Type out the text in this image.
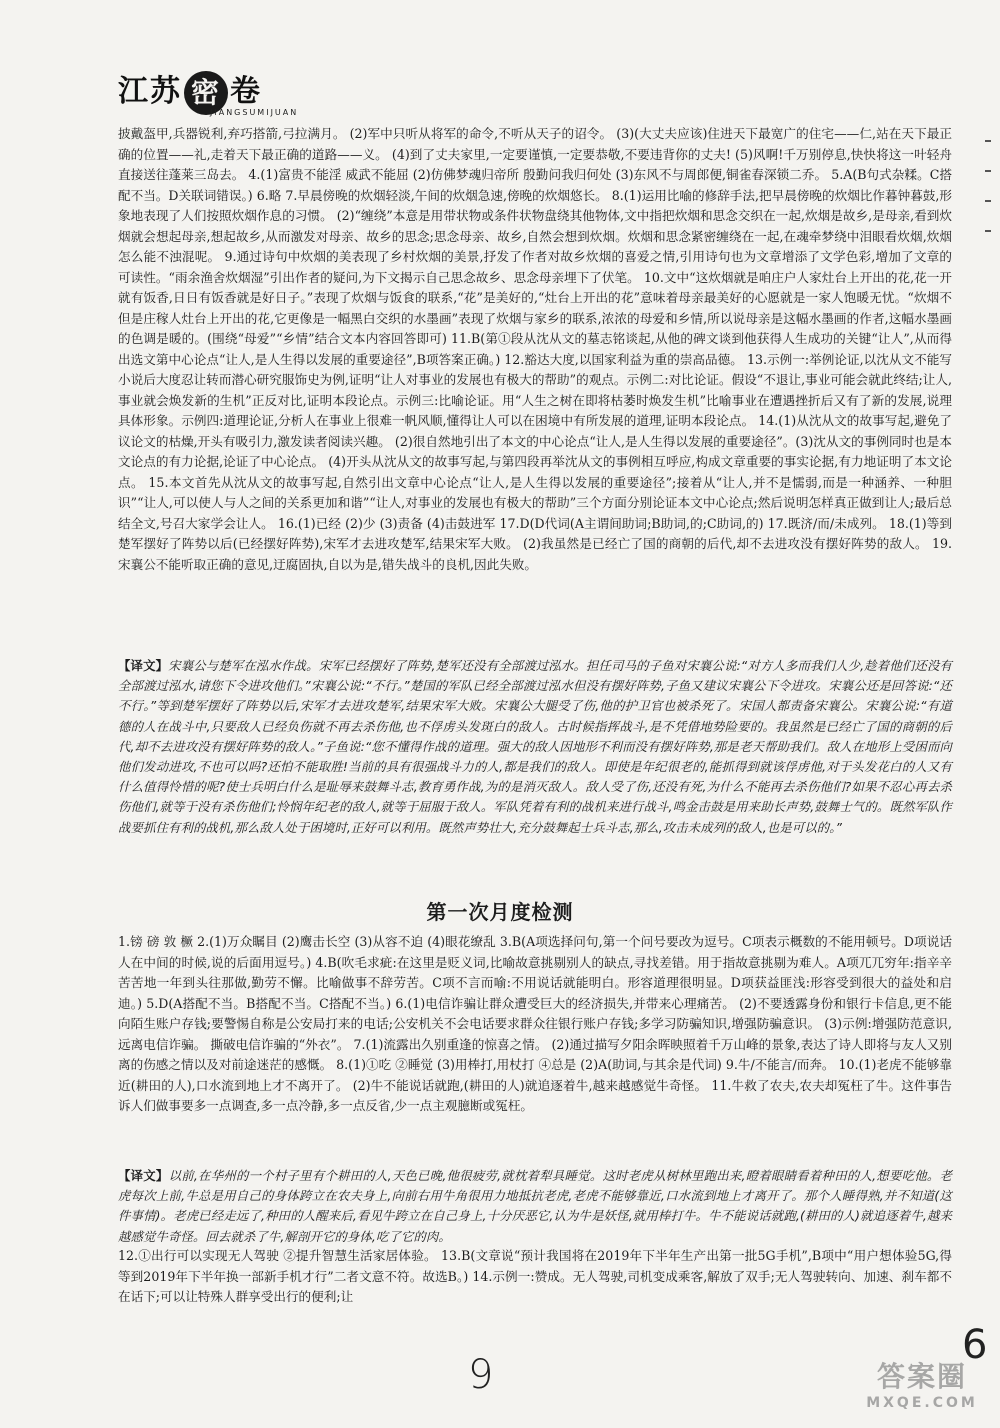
江苏 密 卷
JIANGSUMIJUAN

披戴盔甲,兵器锐利,弃巧搭箭,弓拉满月。 (2)军中只听从将军的命令,不听从天子的诏令。 (3)(大丈夫应该)住进天下最宽广的住宅——仁,站在天下最正确的位置——礼,走着天下最正确的道路——义。 (4)到了丈夫家里,一定要谨慎,一定要恭敬,不要违背你的丈夫! (5)风啊!千万别停息,快快将这一叶轻舟直接送往蓬莱三岛去。 4.(1)富贵不能淫 威武不能屈 (2)仿佛梦魂归帝所 殷勤问我归何处 (3)东风不与周郎便,铜雀春深锁二乔。 5.A(B句式杂糅。C搭配不当。D关联词错误。) 6.略 7.早晨傍晚的炊烟轻淡,午间的炊烟急速,傍晚的炊烟悠长。 8.(1)运用比喻的修辞手法,把早晨傍晚的炊烟比作暮钟暮鼓,形象地表现了人们按照炊烟作息的习惯。 (2)“缠绕”本意是用带状物或条件状物盘绕其他物体,文中指把炊烟和思念交织在一起,炊烟是故乡,是母亲,看到炊烟就会想起母亲,想起故乡,从而激发对母亲、故乡的思念;思念母亲、故乡,自然会想到炊烟。炊烟和思念紧密缠绕在一起,在魂牵梦绕中泪眼看炊烟,炊烟怎么能不浊混呢。 9.通过诗句中炊烟的美表现了乡村炊烟的美景,抒发了作者对故乡炊烟的喜爱之情,引用诗句也为文章增添了文学色彩,增加了文章的可读性。“雨余渔舍炊烟湿”引出作者的疑问,为下文揭示自己思念故乡、思念母亲埋下了伏笔。 10.文中“这炊烟就是咱庄户人家灶台上开出的花,花一开就有饭香,日日有饭香就是好日子。”表现了炊烟与饭食的联系,“花”是美好的,“灶台上开出的花”意味着母亲最美好的心愿就是一家人饱暖无忧。“炊烟不但是庄稼人灶台上开出的花,它更像是一幅黑白交织的水墨画”表现了炊烟与家乡的联系,浓浓的母爱和乡情,所以说母亲是这幅水墨画的作者,这幅水墨画的色调是暖的。(围绕“母爱”“乡情”结合文本内容回答即可) 11.B(第①段从沈从文的墓志铭谈起,从他的碑文谈到他获得人生成功的关键“让人”,从而得出选文第中心论点“让人,是人生得以发展的重要途径”,B项答案正确。) 12.豁达大度,以国家利益为重的崇高品德。 13.示例一:举例论证,以沈从文不能写小说后大度忍让转而潜心研究服饰史为例,证明“让人对事业的发展也有极大的帮助”的观点。示例二:对比论证。假设“不退让,事业可能会就此终结;让人,事业就会焕发新的生机”正反对比,证明本段论点。示例三:比喻论证。用“人生之树在即将枯萎时焕发生机”比喻事业在遭遇挫折后又有了新的发展,说理具体形象。示例四:道理论证,分析人在事业上很难一帆风顺,懂得让人可以在困境中有所发展的道理,证明本段论点。 14.(1)从沈从文的故事写起,避免了议论文的枯燥,开头有吸引力,激发读者阅读兴趣。 (2)很自然地引出了本文的中心论点“让人,是人生得以发展的重要途径”。(3)沈从文的事例同时也是本文论点的有力论据,论证了中心论点。 (4)开头从沈从文的故事写起,与第四段再举沈从文的事例相互呼应,构成文章重要的事实论据,有力地证明了本文论点。 15.本文首先从沈从文的故事写起,自然引出文章中心论点“让人,是人生得以发展的重要途径”;接着从“让人,并不是懦弱,而是一种涵养、一种胆识”“让人,可以使人与人之间的关系更加和谐”“让人,对事业的发展也有极大的帮助”三个方面分别论证本文中心论点;然后说明怎样真正做到让人;最后总结全文,号召大家学会让人。 16.(1)已经 (2)少 (3)责备 (4)击鼓进军 17.D(D代词(A主谓间助词;B助词,的;C助词,的) 17.既济/而/未成列。 18.(1)等到楚军摆好了阵势以后(已经摆好阵势),宋军才去进攻楚军,结果宋军大败。 (2)我虽然是已经亡了国的商朝的后代,却不去进攻没有摆好阵势的敌人。 19.宋襄公不能听取正确的意见,迂腐固执,自以为是,错失战斗的良机,因此失败。

【译文】宋襄公与楚军在泓水作战。宋军已经摆好了阵势,楚军还没有全部渡过泓水。担任司马的子鱼对宋襄公说:“对方人多而我们人少,趁着他们还没有全部渡过泓水,请您下令进攻他们。”宋襄公说:“不行。”楚国的军队已经全部渡过泓水但没有摆好阵势,子鱼又建议宋襄公下令进攻。宋襄公还是回答说:“还不行。”等到楚军摆好了阵势以后,宋军才去进攻楚军,结果宋军大败。宋襄公大腿受了伤,他的护卫官也被杀死了。宋国人都责备宋襄公。宋襄公说:“有道德的人在战斗中,只要敌人已经负伤就不再去杀伤他,也不俘虏头发斑白的敌人。古时候指挥战斗,是不凭借地势险要的。我虽然是已经亡了国的商朝的后代,却不去进攻没有摆好阵势的敌人。”子鱼说:“您不懂得作战的道理。强大的敌人因地形不利而没有摆好阵势,那是老天帮助我们。敌人在地形上受困而向他们发动进攻,不也可以吗?还怕不能取胜!当前的具有很强战斗力的人,都是我们的敌人。即使是年纪很老的,能抓得到就该俘虏他,对于头发花白的人又有什么值得怜惜的呢?使士兵明白什么是耻辱来鼓舞斗志,教育勇作战,为的是消灭敌人。敌人受了伤,还没有死,为什么不能再去杀伤他们?如果不忍心再去杀伤他们,就等于没有杀伤他们;怜悯年纪老的敌人,就等于屈服于敌人。军队凭着有利的战机来进行战斗,鸣金击鼓是用来助长声势,鼓舞士气的。既然军队作战要抓住有利的战机,那么敌人处于困境时,正好可以利用。既然声势壮大,充分鼓舞起士兵斗志,那么,攻击未成列的敌人,也是可以的。”

第一次月度检测

1.镑 磅 敦 橛 2.(1)万众瞩目 (2)鹰击长空 (3)从容不迫 (4)眼花缭乱 3.B(A项选择问句,第一个问号要改为逗号。C项表示概数的不能用顿号。D项说话人在中间的时候,说的后面用逗号。) 4.B(吹毛求疵:在这里是贬义词,比喻故意挑剔别人的缺点,寻找差错。用于指故意挑剔为难人。A项兀兀穷年:指辛辛苦苦地一年到头往那做,勤劳不懈。比喻做事不辞劳苦。C项不言而喻:不用说话就能明白。形容道理很明显。D项获益匪浅:形容受到很大的益处和启迪。) 5.D(A搭配不当。B搭配不当。C搭配不当。) 6.(1)电信诈骗让群众遭受巨大的经济损失,并带来心理痛苦。 (2)不要透露身份和银行卡信息,更不能向陌生账户存钱;要警惕自称是公安局打来的电话;公安机关不会电话要求群众往银行账户存钱;多学习防骗知识,增强防骗意识。 (3)示例:增强防范意识,远离电信诈骗。 撕破电信诈骗的“外衣”。 7.(1)流露出久别重逢的惊喜之情。 (2)通过描写夕阳余晖映照着千万山峰的景象,表达了诗人即将与友人又别离的伤感之情以及对前途迷茫的感慨。 8.(1)①吃 ②睡觉 (3)用棒打,用杖打 ④总是 (2)A(助词,与其余是代词) 9.牛/不能言/而奔。 10.(1)老虎不能够靠近(耕田的人),口水流到地上才不离开了。 (2)牛不能说话就跑,(耕田的人)就追逐着牛,越来越感觉牛奇怪。 11.牛救了农夫,农夫却冤枉了牛。这件事告诉人们做事要多一点调查,多一点冷静,多一点反省,少一点主观臆断或冤枉。

【译文】以前,在华州的一个村子里有个耕田的人,天色已晚,他很疲劳,就枕着犁具睡觉。这时老虎从树林里跑出来,瞪着眼睛看着种田的人,想要吃他。老虎每次上前,牛总是用自己的身体跨立在农夫身上,向前右用牛角很用力地抵抗老虎,老虎不能够靠近,口水流到地上才离开了。那个人睡得熟,并不知道(这件事情)。老虎已经走远了,种田的人醒来后,看见牛跨立在自己身上,十分厌恶它,认为牛是妖怪,就用棒打牛。牛不能说话就跑,(耕田的人)就追逐着牛,越来越感觉牛奇怪。回去就杀了牛,解剖开它的身体,吃了它的肉。

12.①出行可以实现无人驾驶 ②提升智慧生活家居体验。 13.B(文章说“预计我国将在2019年下半年生产出第一批5G手机”,B项中“用户想体验5G,得等到2019年下半年换一部新手机才行”二者文意不符。故选B。) 14.示例一:赞成。无人驾驶,司机变成乘客,解放了双手;无人驾驶转向、加速、刹车都不在话下;可以让特殊人群享受出行的便利;让

9
6
答案圈
MXQE.COM
